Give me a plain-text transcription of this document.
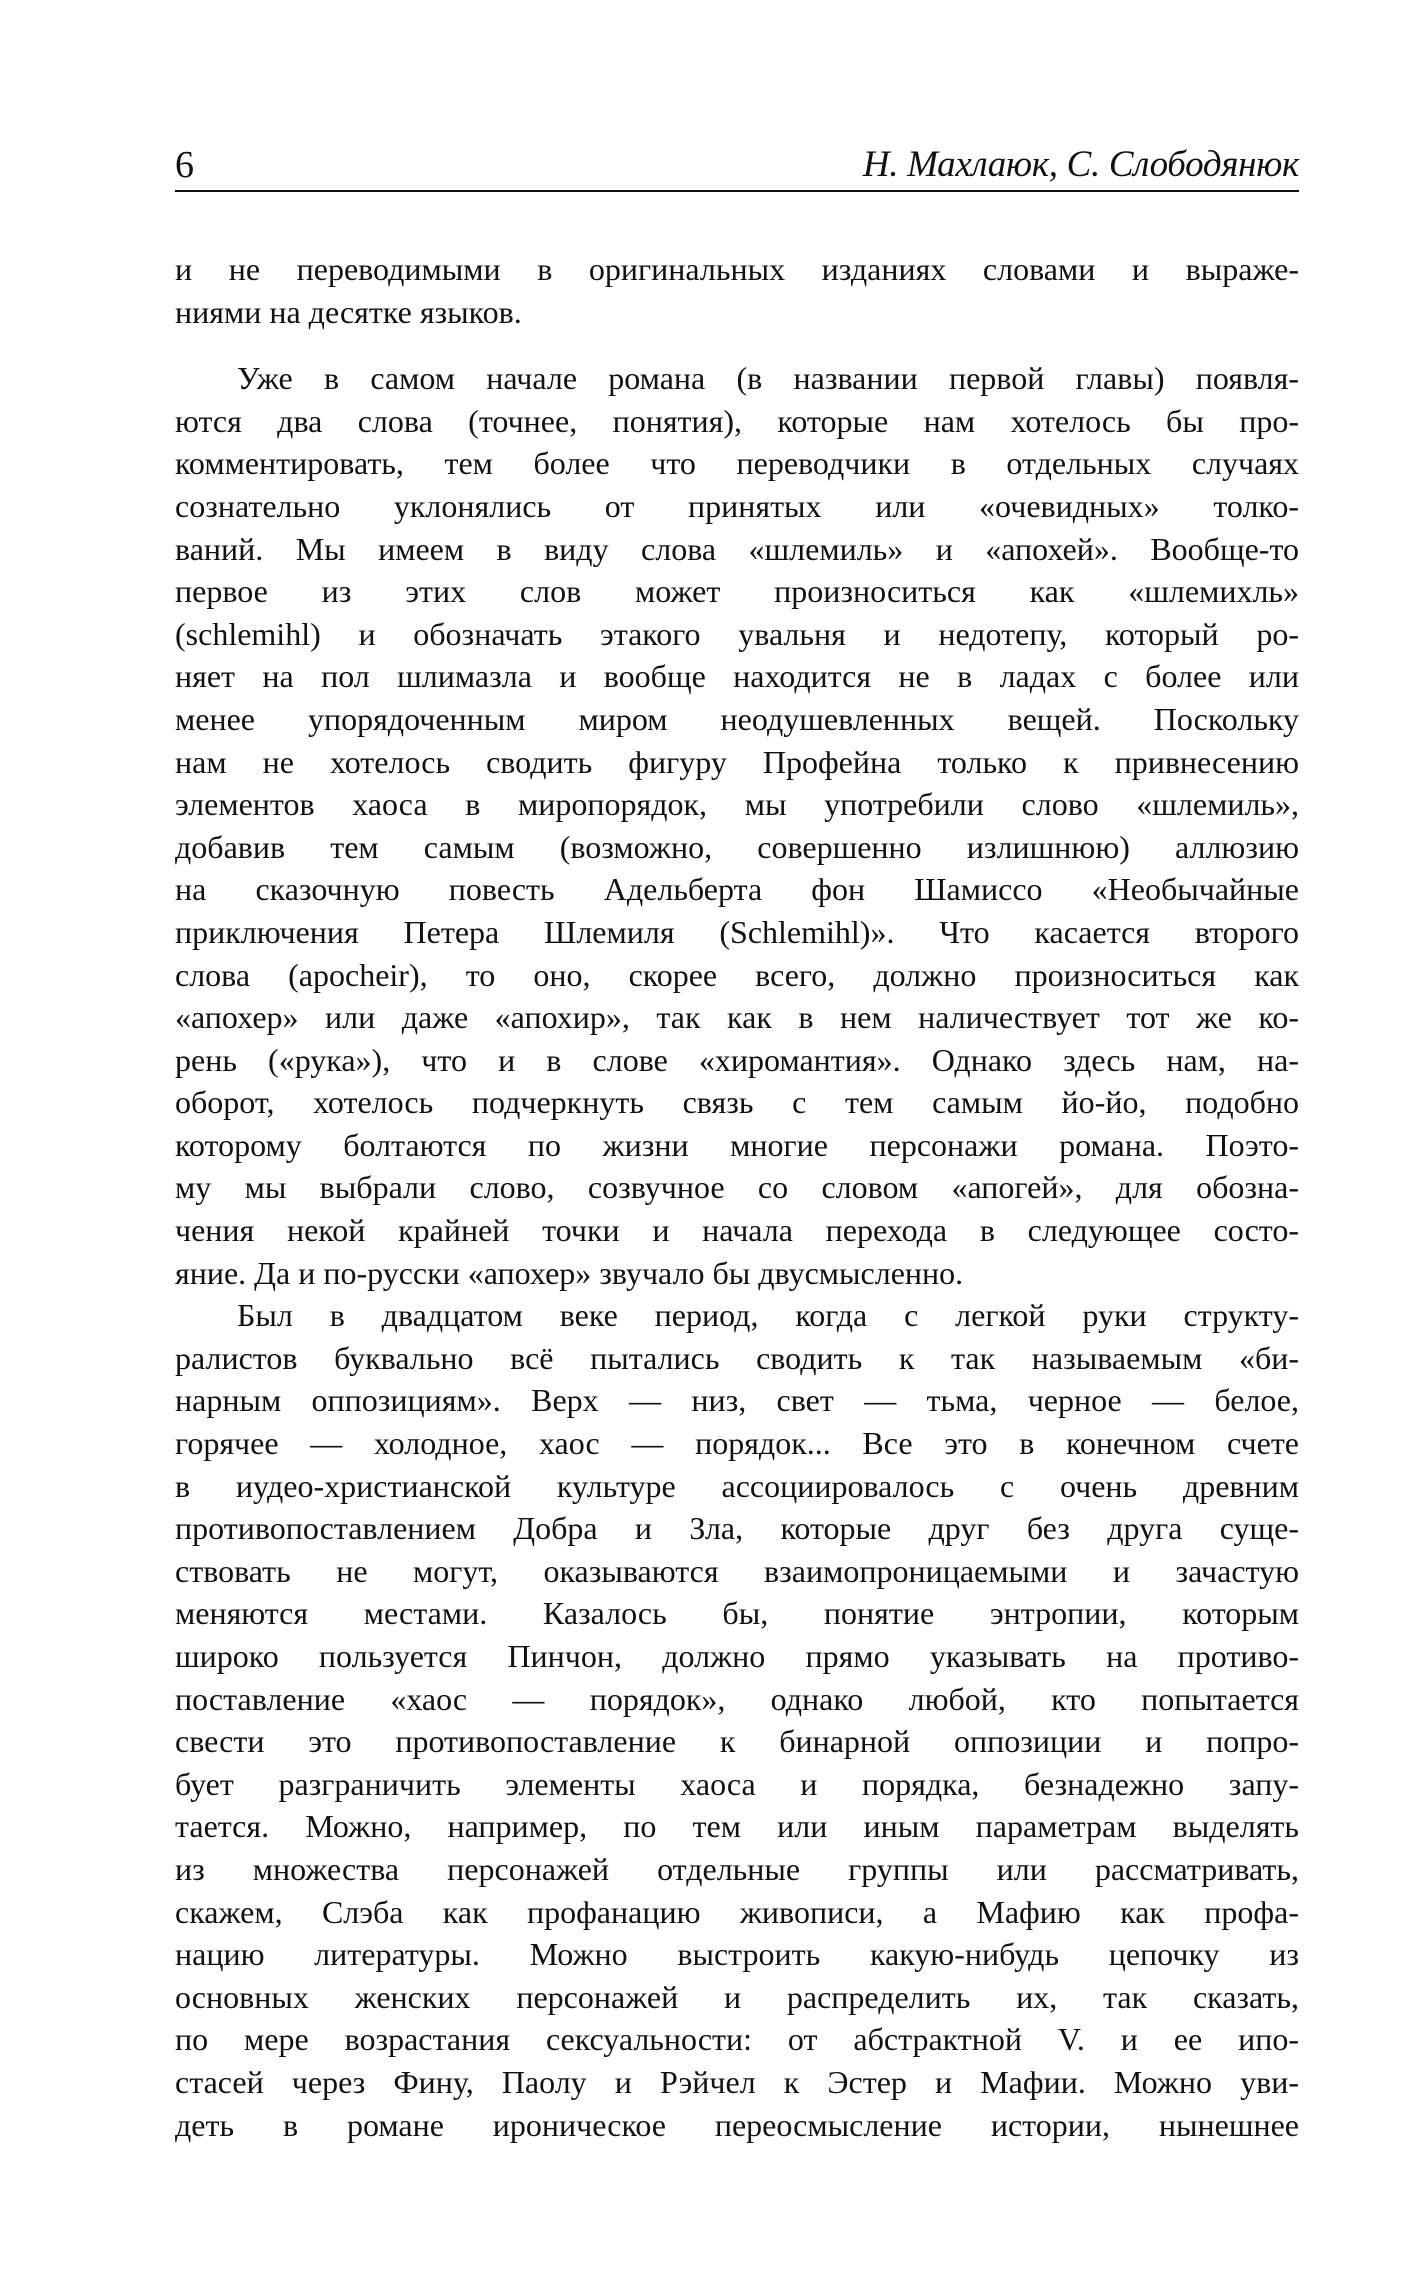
6	Н. Махлаюк, С. Слободянюк
и не переводимыми в оригинальных изданиях словами и выраже-
ниями на десятке языков.
Уже в самом начале романа (в названии первой главы) появля-
ются два слова (точнее, понятия), которые нам хотелось бы про-
комментировать, тем более что переводчики в отдельных случаях
сознательно уклонялись от принятых или «очевидных» толко-
ваний. Мы имеем в виду слова «шлемиль» и «апохей». Вообще-то
первое из этих слов может произноситься как «шлемихль»
(schlemihl) и обозначать этакого увальня и недотепу, который ро-
няет на пол шлимазла и вообще находится не в ладах с более или
менее упорядоченным миром неодушевленных вещей. Поскольку
нам не хотелось сводить фигуру Профейна только к привнесению
элементов хаоса в миропорядок, мы употребили слово «шлемиль»,
добавив тем самым (возможно, совершенно излишнюю) аллюзию
на сказочную повесть Адельберта фон Шамиссо «Необычайные
приключения Петера Шлемиля (Schlemihl)». Что касается второго
слова (apocheir), то оно, скорее всего, должно произноситься как
«апохер» или даже «апохир», так как в нем наличествует тот же ко-
рень («рука»), что и в слове «хиромантия». Однако здесь нам, на-
оборот, хотелось подчеркнуть связь с тем самым йо-йо, подобно
которому болтаются по жизни многие персонажи романа. Поэто-
му мы выбрали слово, созвучное со словом «апогей», для обозна-
чения некой крайней точки и начала перехода в следующее состо-
яние. Да и по-русски «апохер» звучало бы двусмысленно.
Был в двадцатом веке период, когда с легкой руки структу-
ралистов буквально всё пытались сводить к так называемым «би-
нарным оппозициям». Верх — низ, свет — тьма, черное — белое,
горячее — холодное, хаос — порядок... Все это в конечном счете
в иудео-христианской культуре ассоциировалось с очень древним
противопоставлением Добра и Зла, которые друг без друга суще-
ствовать не могут, оказываются взаимопроницаемыми и зачастую
меняются местами. Казалось бы, понятие энтропии, которым
широко пользуется Пинчон, должно прямо указывать на противо-
поставление «хаос — порядок», однако любой, кто попытается
свести это противопоставление к бинарной оппозиции и попро-
бует разграничить элементы хаоса и порядка, безнадежно запу-
тается. Можно, например, по тем или иным параметрам выделять
из множества персонажей отдельные группы или рассматривать,
скажем, Слэба как профанацию живописи, а Мафию как профа-
нацию литературы. Можно выстроить какую-нибудь цепочку из
основных женских персонажей и распределить их, так сказать,
по мере возрастания сексуальности: от абстрактной V. и ее ипо-
стасей через Фину, Паолу и Рэйчел к Эстер и Мафии. Можно уви-
деть в романе ироническое переосмысление истории, нынешнее
